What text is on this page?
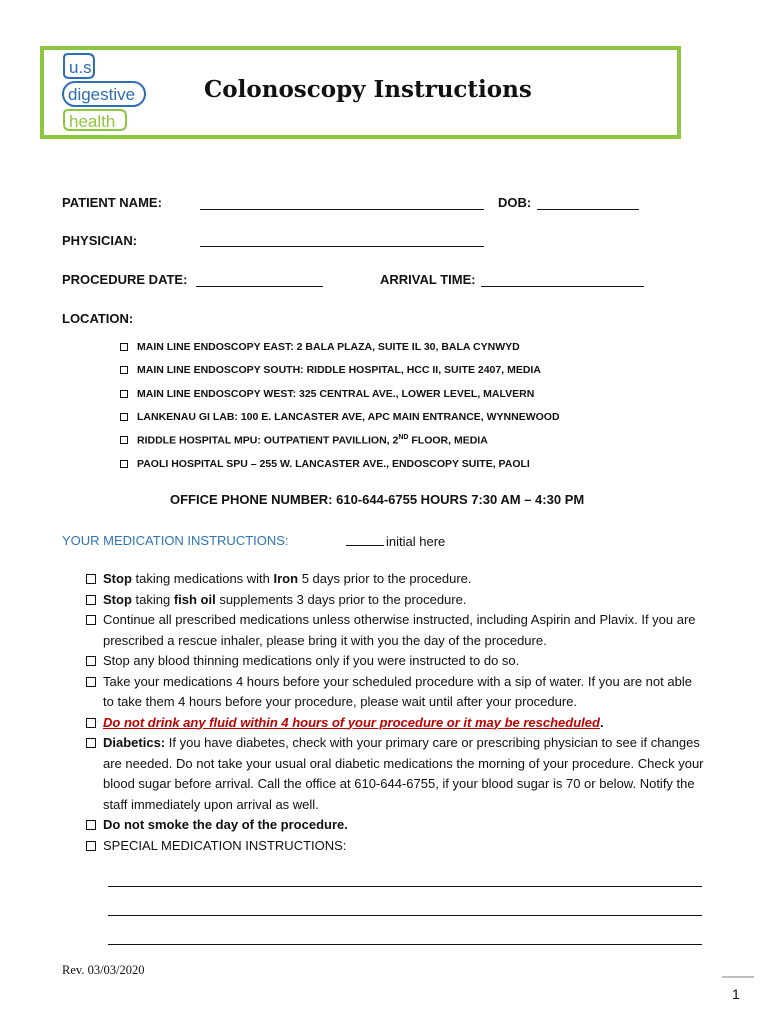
u.s.
digestive
health
Colonoscopy Instructions
PATIENT NAME:	DOB:
PHYSICIAN:
PROCEDURE DATE:	ARRIVAL TIME:
LOCATION:
MAIN LINE ENDOSCOPY EAST: 2 BALA PLAZA, SUITE IL 30, BALA CYNWYD
MAIN LINE ENDOSCOPY SOUTH: RIDDLE HOSPITAL, HCC II, SUITE 2407, MEDIA
MAIN LINE ENDOSCOPY WEST: 325 CENTRAL AVE., LOWER LEVEL, MALVERN
LANKENAU GI LAB: 100 E. LANCASTER AVE, APC MAIN ENTRANCE, WYNNEWOOD
RIDDLE HOSPITAL MPU: OUTPATIENT PAVILLION, 2ND FLOOR, MEDIA
PAOLI HOSPITAL SPU – 255 W. LANCASTER AVE., ENDOSCOPY SUITE, PAOLI
OFFICE PHONE NUMBER: 610-644-6755 HOURS 7:30 AM – 4:30 PM
YOUR MEDICATION INSTRUCTIONS:	initial here
Stop taking medications with Iron 5 days prior to the procedure.
Stop taking fish oil supplements 3 days prior to the procedure.
Continue all prescribed medications unless otherwise instructed, including Aspirin and Plavix. If you are prescribed a rescue inhaler, please bring it with you the day of the procedure.
Stop any blood thinning medications only if you were instructed to do so.
Take your medications 4 hours before your scheduled procedure with a sip of water. If you are not able to take them 4 hours before your procedure, please wait until after your procedure.
Do not drink any fluid within 4 hours of your procedure or it may be rescheduled.
Diabetics: If you have diabetes, check with your primary care or prescribing physician to see if changes are needed. Do not take your usual oral diabetic medications the morning of your procedure. Check your blood sugar before arrival. Call the office at 610-644-6755, if your blood sugar is 70 or below. Notify the staff immediately upon arrival as well.
Do not smoke the day of the procedure.
SPECIAL MEDICATION INSTRUCTIONS:
Rev. 03/03/2020
1
